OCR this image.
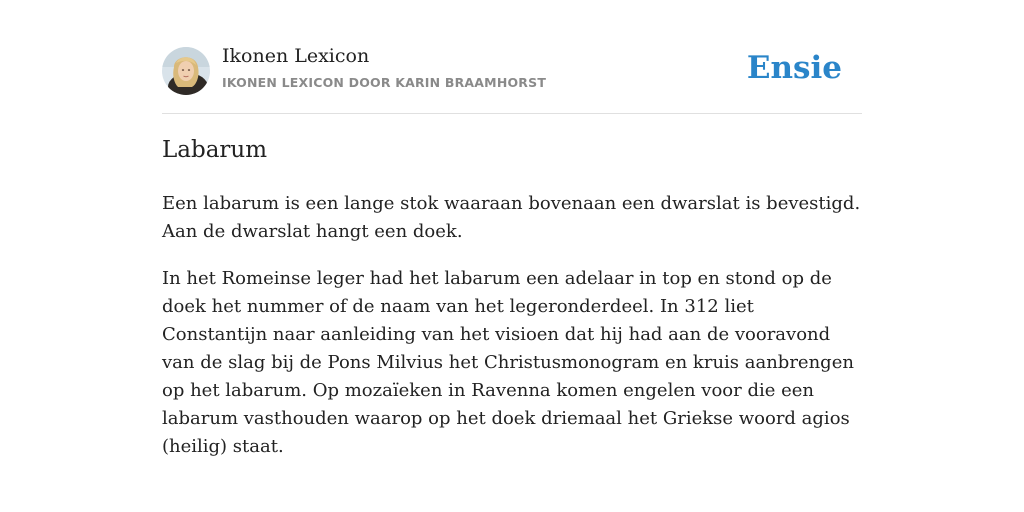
Ikonen Lexicon
IKONEN LEXICON DOOR KARIN BRAAMHORST	Ensie
Labarum

Een labarum is een lange stok waaraan bovenaan een dwarslat is bevestigd. Aan de dwarslat hangt een doek.

In het Romeinse leger had het labarum een adelaar in top en stond op de doek het nummer of de naam van het legeronderdeel. In 312 liet Constantijn naar aanleiding van het visioen dat hij had aan de vooravond van de slag bij de Pons Milvius het Christusmonogram en kruis aanbrengen op het labarum. Op mozaïeken in Ravenna komen engelen voor die een labarum vasthouden waarop op het doek driemaal het Griekse woord agios (heilig) staat.
